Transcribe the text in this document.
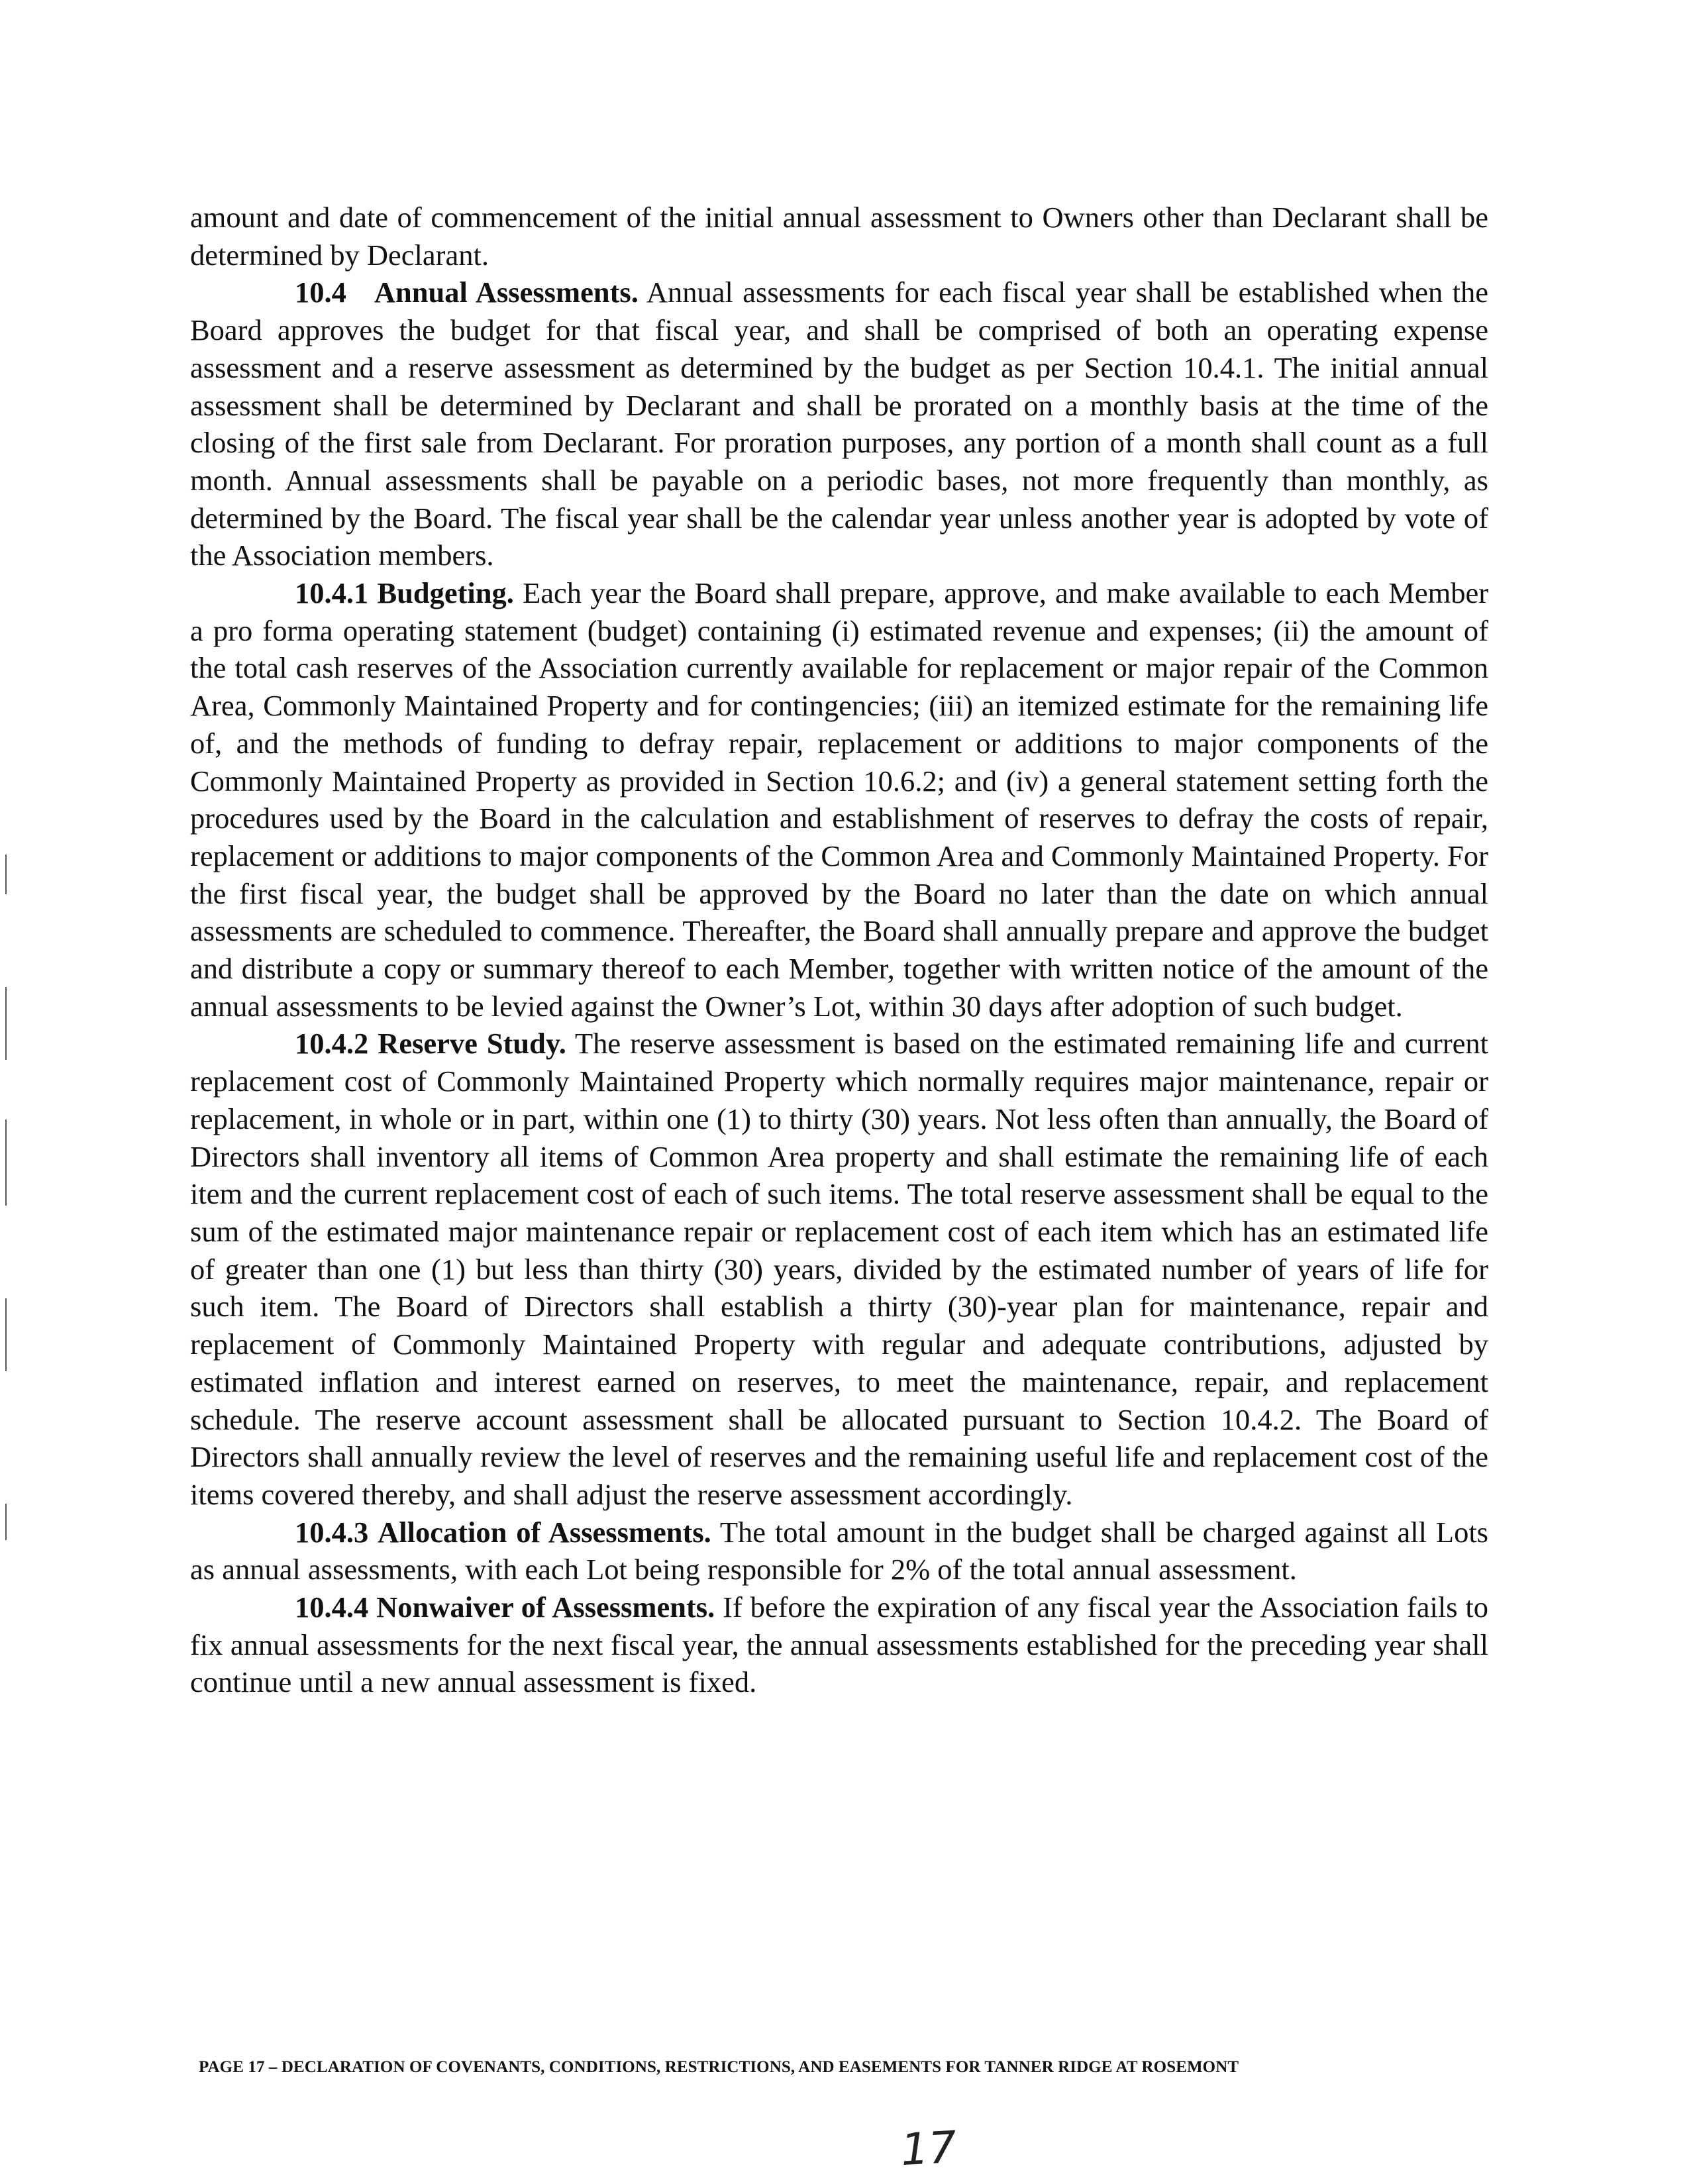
amount and date of commencement of the initial annual assessment to Owners other than Declarant shall be determined by Declarant.

10.4 Annual Assessments. Annual assessments for each fiscal year shall be established when the Board approves the budget for that fiscal year, and shall be comprised of both an operating expense assessment and a reserve assessment as determined by the budget as per Section 10.4.1. The initial annual assessment shall be determined by Declarant and shall be prorated on a monthly basis at the time of the closing of the first sale from Declarant. For proration purposes, any portion of a month shall count as a full month. Annual assessments shall be payable on a periodic bases, not more frequently than monthly, as determined by the Board. The fiscal year shall be the calendar year unless another year is adopted by vote of the Association members.

10.4.1 Budgeting. Each year the Board shall prepare, approve, and make available to each Member a pro forma operating statement (budget) containing (i) estimated revenue and expenses; (ii) the amount of the total cash reserves of the Association currently available for replacement or major repair of the Common Area, Commonly Maintained Property and for contingencies; (iii) an itemized estimate for the remaining life of, and the methods of funding to defray repair, replacement or additions to major components of the Commonly Maintained Property as provided in Section 10.6.2; and (iv) a general statement setting forth the procedures used by the Board in the calculation and establishment of reserves to defray the costs of repair, replacement or additions to major components of the Common Area and Commonly Maintained Property. For the first fiscal year, the budget shall be approved by the Board no later than the date on which annual assessments are scheduled to commence. Thereafter, the Board shall annually prepare and approve the budget and distribute a copy or summary thereof to each Member, together with written notice of the amount of the annual assessments to be levied against the Owner’s Lot, within 30 days after adoption of such budget.

10.4.2 Reserve Study. The reserve assessment is based on the estimated remaining life and current replacement cost of Commonly Maintained Property which normally requires major maintenance, repair or replacement, in whole or in part, within one (1) to thirty (30) years. Not less often than annually, the Board of Directors shall inventory all items of Common Area property and shall estimate the remaining life of each item and the current replacement cost of each of such items. The total reserve assessment shall be equal to the sum of the estimated major maintenance repair or replacement cost of each item which has an estimated life of greater than one (1) but less than thirty (30) years, divided by the estimated number of years of life for such item. The Board of Directors shall establish a thirty (30)-year plan for maintenance, repair and replacement of Commonly Maintained Property with regular and adequate contributions, adjusted by estimated inflation and interest earned on reserves, to meet the maintenance, repair, and replacement schedule. The reserve account assessment shall be allocated pursuant to Section 10.4.2. The Board of Directors shall annually review the level of reserves and the remaining useful life and replacement cost of the items covered thereby, and shall adjust the reserve assessment accordingly.

10.4.3 Allocation of Assessments. The total amount in the budget shall be charged against all Lots as annual assessments, with each Lot being responsible for 2% of the total annual assessment.

10.4.4 Nonwaiver of Assessments. If before the expiration of any fiscal year the Association fails to fix annual assessments for the next fiscal year, the annual assessments established for the preceding year shall continue until a new annual assessment is fixed.

PAGE 17 – DECLARATION OF COVENANTS, CONDITIONS, RESTRICTIONS, AND EASEMENTS FOR TANNER RIDGE AT ROSEMONT
17
